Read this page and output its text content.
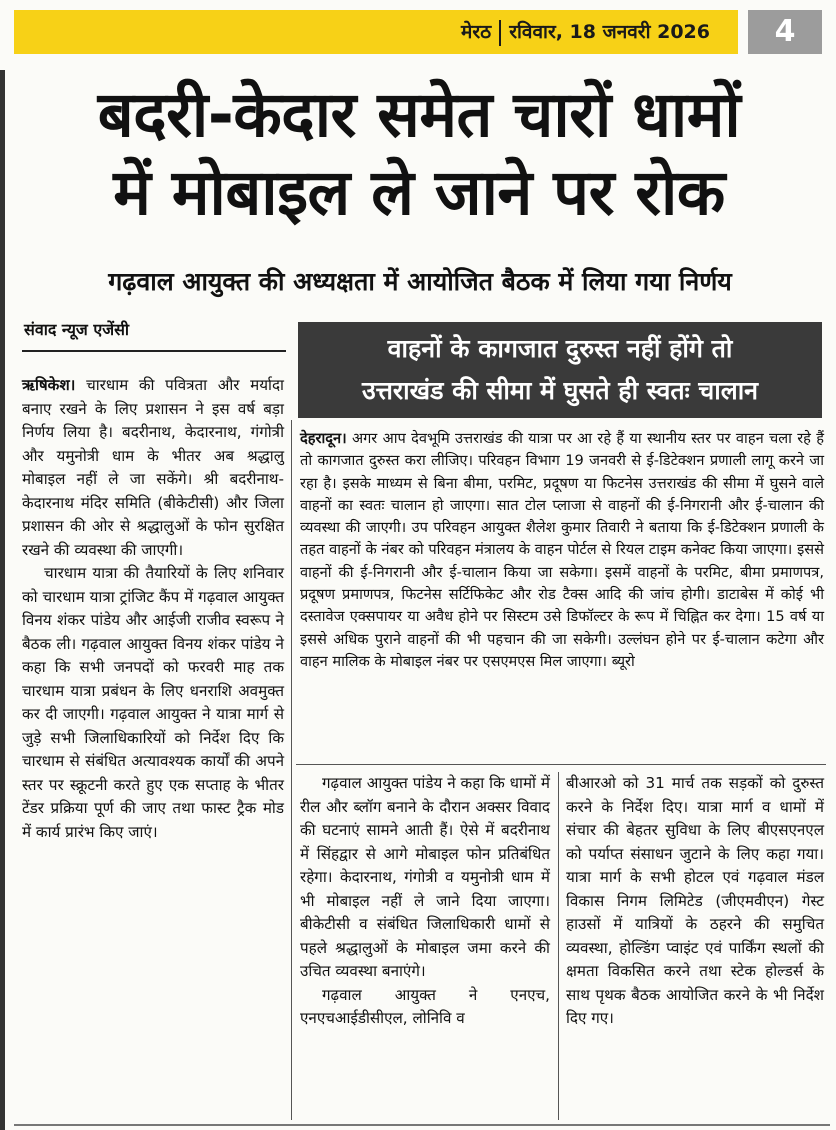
मेरठ रविवार, 18 जनवरी 2026	4
बदरी-केदार समेत चारों धामों
में मोबाइल ले जाने पर रोक
गढ़वाल आयुक्त की अध्यक्षता में आयोजित बैठक में लिया गया निर्णय
संवाद न्यूज एजेंसी
वाहनों के कागजात दुरुस्त नहीं होंगे तो
उत्तराखंड की सीमा में घुसते ही स्वतः चालान

ऋषिकेश। चारधाम की पवित्रता और मर्यादा बनाए रखने के लिए प्रशासन ने इस वर्ष बड़ा निर्णय लिया है। बदरीनाथ, केदारनाथ, गंगोत्री और यमुनोत्री धाम के भीतर अब श्रद्धालु मोबाइल नहीं ले जा सकेंगे। श्री बदरीनाथ-केदारनाथ मंदिर समिति (बीकेटीसी) और जिला प्रशासन की ओर से श्रद्धालुओं के फोन सुरक्षित रखने की व्यवस्था की जाएगी।

चारधाम यात्रा की तैयारियों के लिए शनिवार को चारधाम यात्रा ट्रांजिट कैंप में गढ़वाल आयुक्त विनय शंकर पांडेय और आईजी राजीव स्वरूप ने बैठक ली। गढ़वाल आयुक्त विनय शंकर पांडेय ने कहा कि सभी जनपदों को फरवरी माह तक चारधाम यात्रा प्रबंधन के लिए धनराशि अवमुक्त कर दी जाएगी। गढ़वाल आयुक्त ने यात्रा मार्ग से जुड़े सभी जिलाधिकारियों को निर्देश दिए कि चारधाम से संबंधित अत्यावश्यक कार्यों की अपने स्तर पर स्क्रूटनी करते हुए एक सप्ताह के भीतर टेंडर प्रक्रिया पूर्ण की जाए तथा फास्ट ट्रैक मोड में कार्य प्रारंभ किए जाएं।

देहरादून। अगर आप देवभूमि उत्तराखंड की यात्रा पर आ रहे हैं या स्थानीय स्तर पर वाहन चला रहे हैं तो कागजात दुरुस्त करा लीजिए। परिवहन विभाग 19 जनवरी से ई-डिटेक्शन प्रणाली लागू करने जा रहा है। इसके माध्यम से बिना बीमा, परमिट, प्रदूषण या फिटनेस उत्तराखंड की सीमा में घुसने वाले वाहनों का स्वतः चालान हो जाएगा। सात टोल प्लाजा से वाहनों की ई-निगरानी और ई-चालान की व्यवस्था की जाएगी। उप परिवहन आयुक्त शैलेश कुमार तिवारी ने बताया कि ई-डिटेक्शन प्रणाली के तहत वाहनों के नंबर को परिवहन मंत्रालय के वाहन पोर्टल से रियल टाइम कनेक्ट किया जाएगा। इससे वाहनों की ई-निगरानी और ई-चालान किया जा सकेगा। इसमें वाहनों के परमिट, बीमा प्रमाणपत्र, प्रदूषण प्रमाणपत्र, फिटनेस सर्टिफिकेट और रोड टैक्स आदि की जांच होगी। डाटाबेस में कोई भी दस्तावेज एक्सपायर या अवैध होने पर सिस्टम उसे डिफॉल्टर के रूप में चिह्नित कर देगा। 15 वर्ष या इससे अधिक पुराने वाहनों की भी पहचान की जा सकेगी। उल्लंघन होने पर ई-चालान कटेगा और वाहन मालिक के मोबाइल नंबर पर एसएमएस मिल जाएगा। ब्यूरो

गढ़वाल आयुक्त पांडेय ने कहा कि धामों में रील और ब्लॉग बनाने के दौरान अक्सर विवाद की घटनाएं सामने आती हैं। ऐसे में बदरीनाथ में सिंहद्वार से आगे मोबाइल फोन प्रतिबंधित रहेगा। केदारनाथ, गंगोत्री व यमुनोत्री धाम में भी मोबाइल नहीं ले जाने दिया जाएगा। बीकेटीसी व संबंधित जिलाधिकारी धामों से पहले श्रद्धालुओं के मोबाइल जमा करने की उचित व्यवस्था बनाएंगे।

गढ़वाल आयुक्त ने एनएच, एनएचआईडीसीएल, लोनिवि व

बीआरओ को 31 मार्च तक सड़कों को दुरुस्त करने के निर्देश दिए। यात्रा मार्ग व धामों में संचार की बेहतर सुविधा के लिए बीएसएनएल को पर्याप्त संसाधन जुटाने के लिए कहा गया। यात्रा मार्ग के सभी होटल एवं गढ़वाल मंडल विकास निगम लिमिटेड (जीएमवीएन) गेस्ट हाउसों में यात्रियों के ठहरने की समुचित व्यवस्था, होल्डिंग प्वाइंट एवं पार्किंग स्थलों की क्षमता विकसित करने तथा स्टेक होल्डर्स के साथ पृथक बैठक आयोजित करने के भी निर्देश दिए गए।
